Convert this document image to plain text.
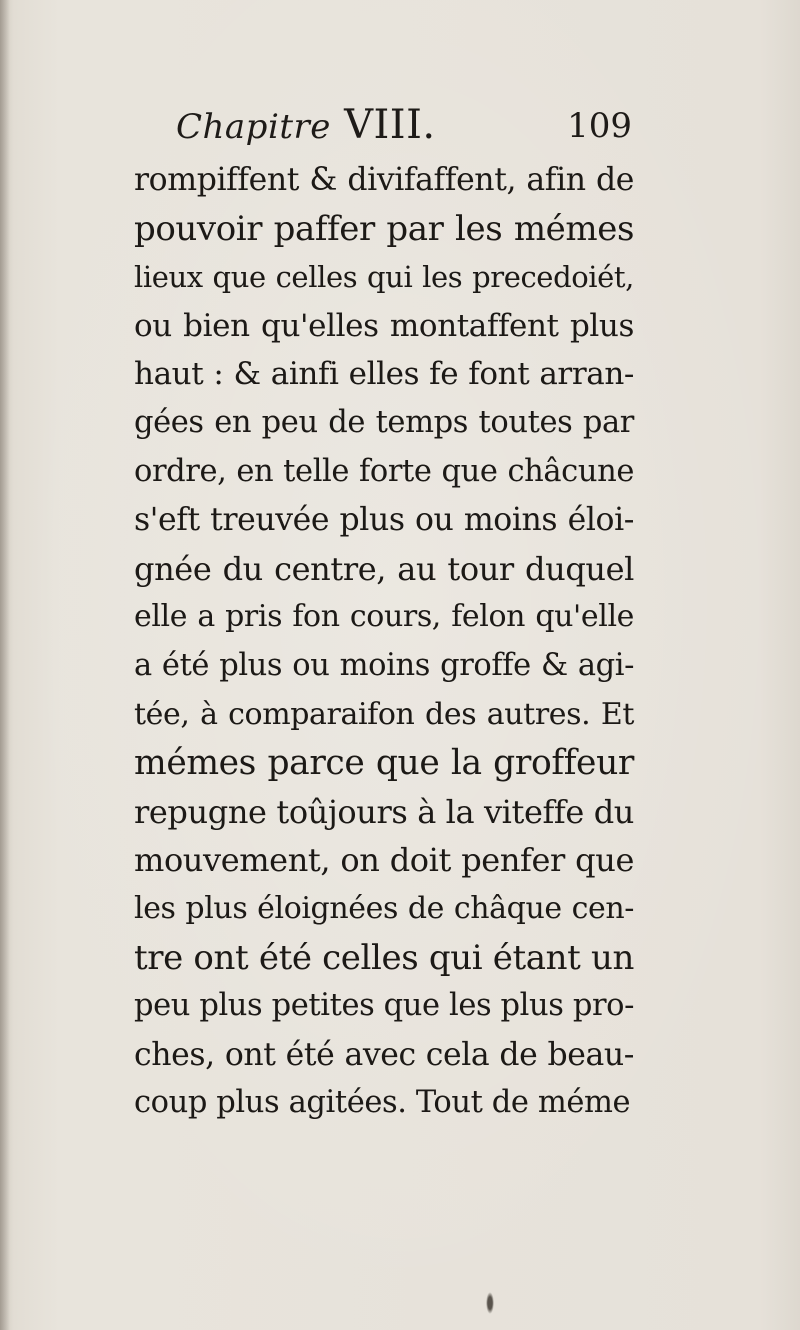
Chapitre VIII.	109
rompiffent & divifaffent, afin de
pouvoir paffer par les mémes
lieux que celles qui les precedoiét,
ou bien qu'elles montaffent plus
haut : & ainfi elles fe font arran-
gées en peu de temps toutes par
ordre, en telle forte que châcune
s'eft treuvée plus ou moins éloi-
gnée du centre, au tour duquel
elle a pris fon cours, felon qu'elle
a été plus ou moins groffe & agi-
tée, à comparaifon des autres. Et
mémes parce que la groffeur
repugne toûjours à la viteffe du
mouvement, on doit penfer que
les plus éloignées de châque cen-
tre ont été celles qui étant un
peu plus petites que les plus pro-
ches, ont été avec cela de beau-
coup plus agitées. Tout de méme
